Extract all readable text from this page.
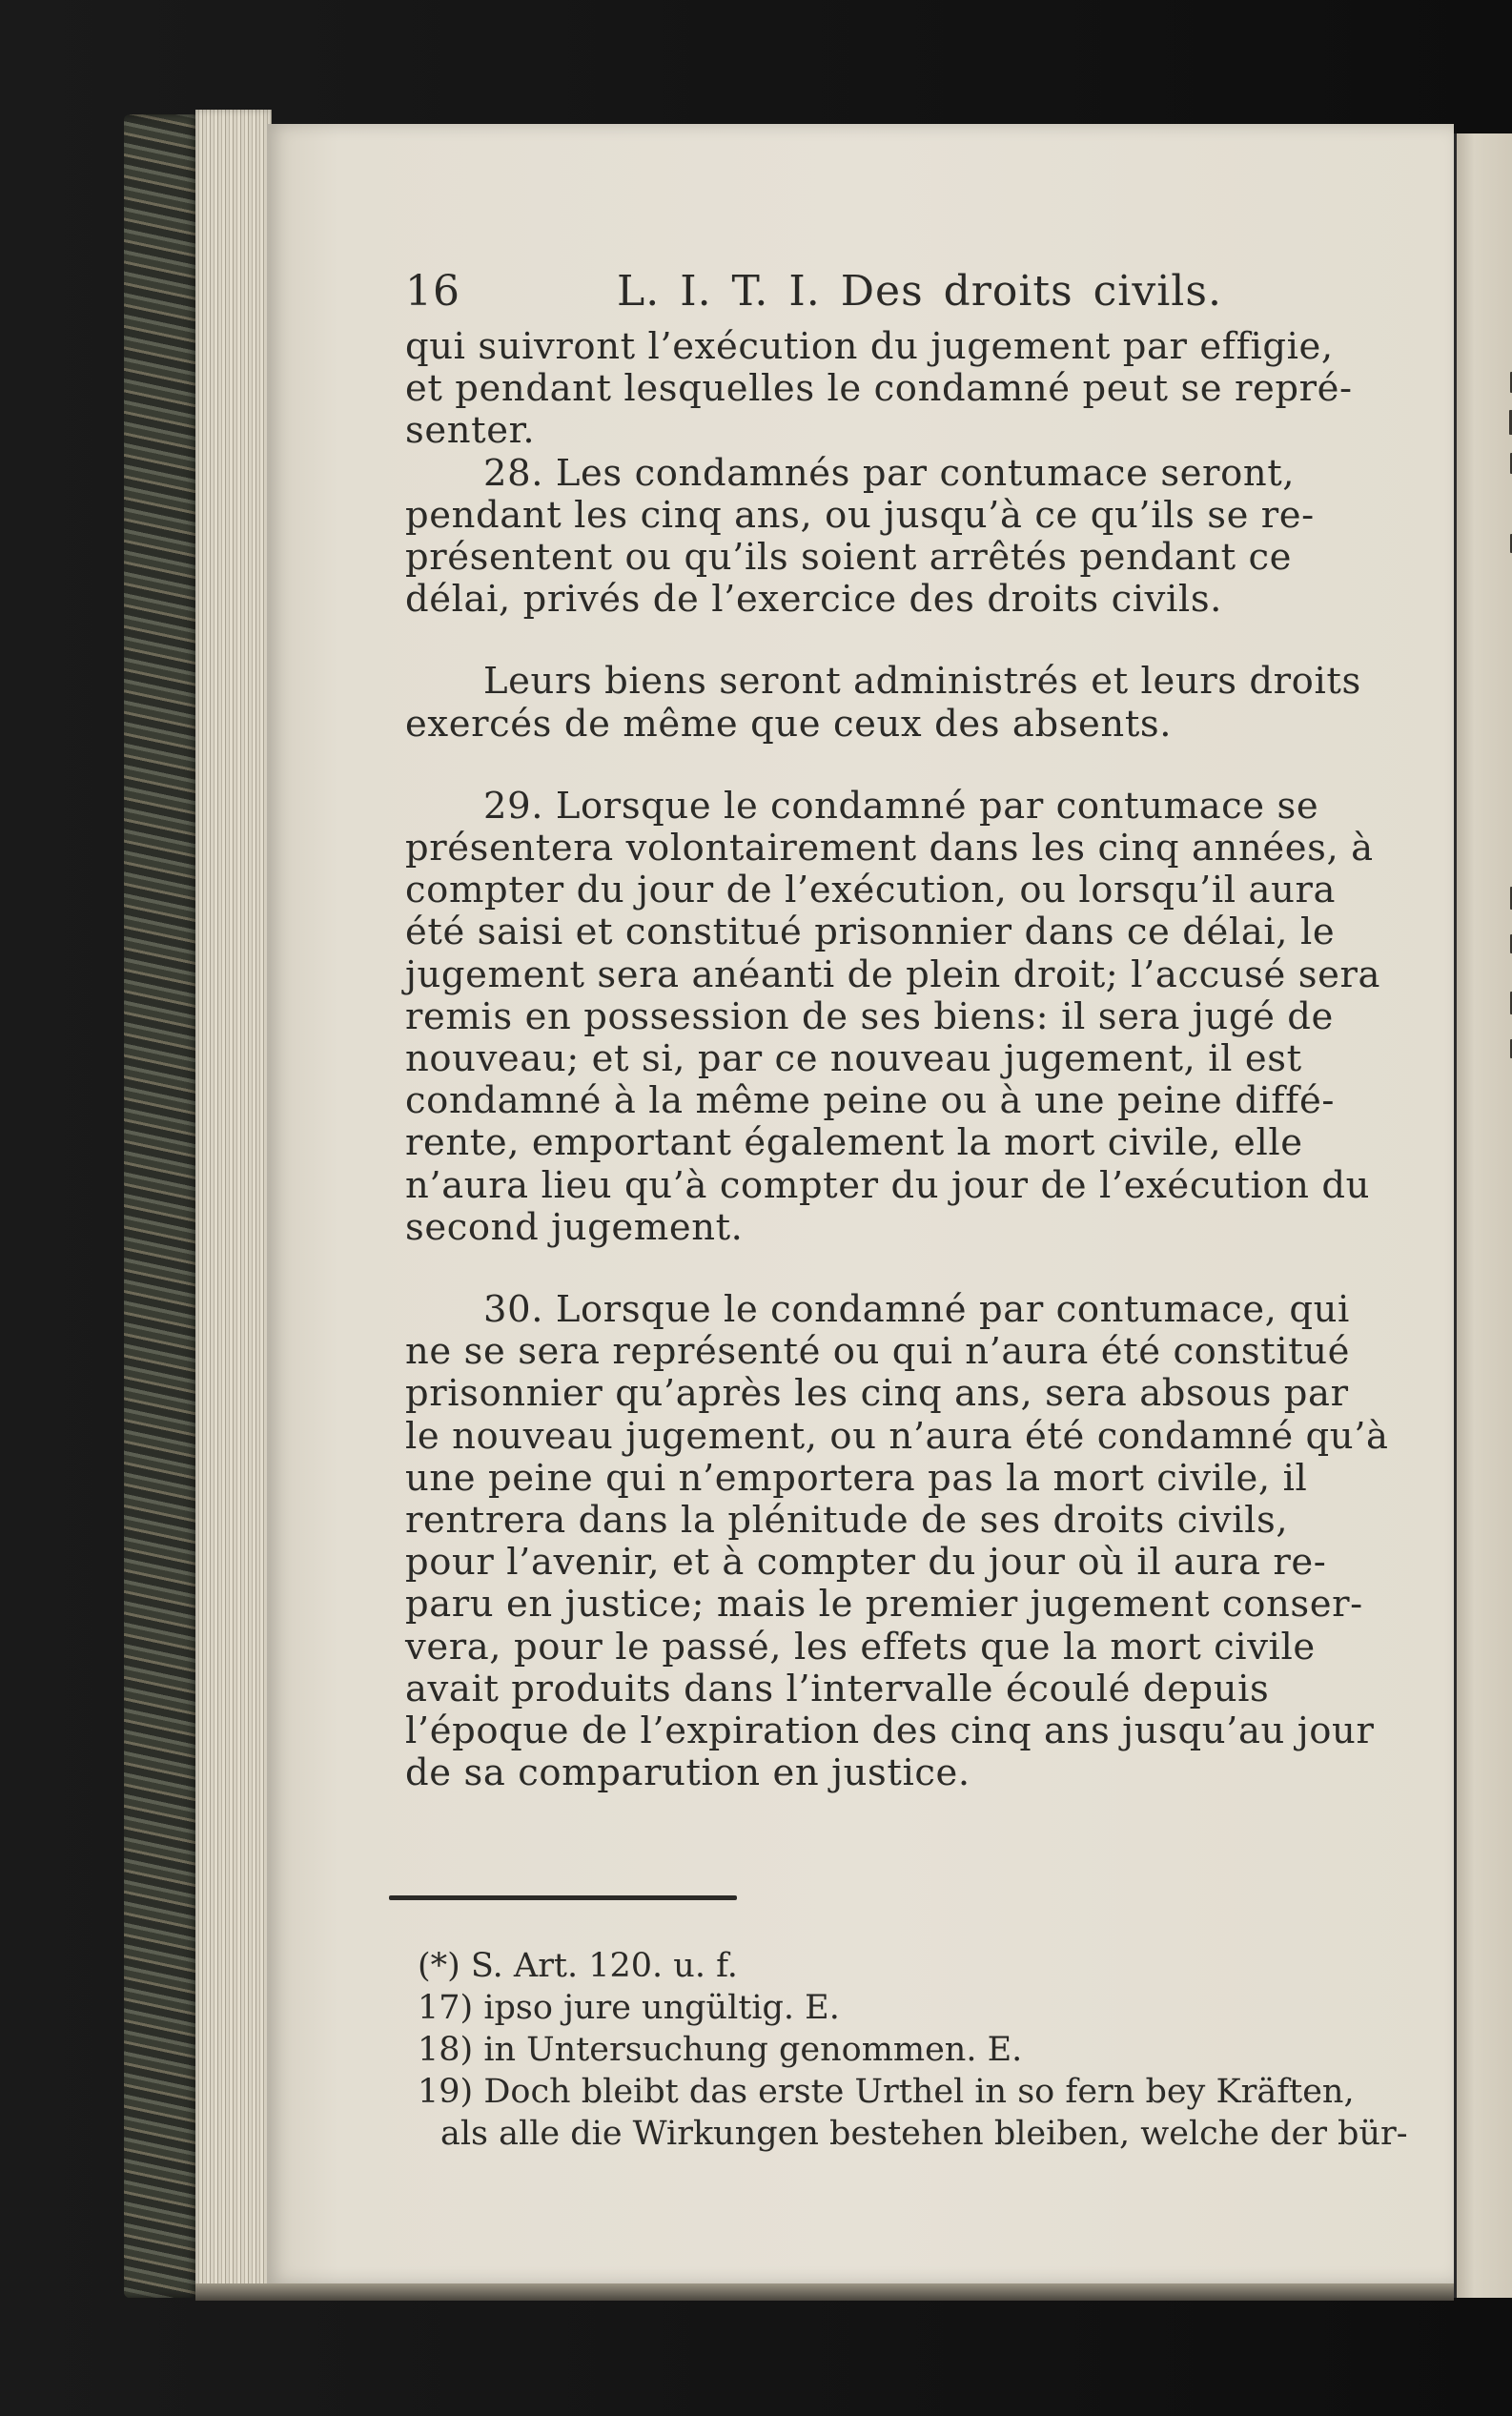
16	L. I. T. I. Des droits civils.

qui suivront l’exécution du jugement par effigie,
et pendant lesquelles le condamné peut se repré-
senter.

28. Les condamnés par contumace seront,
pendant les cinq ans, ou jusqu’à ce qu’ils se re-
présentent ou qu’ils soient arrêtés pendant ce
délai, privés de l’exercice des droits civils.

Leurs biens seront administrés et leurs droits
exercés de même que ceux des absents.

29. Lorsque le condamné par contumace se
présentera volontairement dans les cinq années, à
compter du jour de l’exécution, ou lorsqu’il aura
été saisi et constitué prisonnier dans ce délai, le
jugement sera anéanti de plein droit; l’accusé sera
remis en possession de ses biens: il sera jugé de
nouveau; et si, par ce nouveau jugement, il est
condamné à la même peine ou à une peine diffé-
rente, emportant également la mort civile, elle
n’aura lieu qu’à compter du jour de l’exécution du
second jugement.

30. Lorsque le condamné par contumace, qui
ne se sera représenté ou qui n’aura été constitué
prisonnier qu’après les cinq ans, sera absous par
le nouveau jugement, ou n’aura été condamné qu’à
une peine qui n’emportera pas la mort civile, il
rentrera dans la plénitude de ses droits civils,
pour l’avenir, et à compter du jour où il aura re-
paru en justice; mais le premier jugement conser-
vera, pour le passé, les effets que la mort civile
avait produits dans l’intervalle écoulé depuis
l’époque de l’expiration des cinq ans jusqu’au jour
de sa comparution en justice.

(*) S. Art. 120. u. f.
17) ipso jure ungültig. E.
18) in Untersuchung genommen. E.
19) Doch bleibt das erste Urthel in so fern bey Kräften,
als alle die Wirkungen bestehen bleiben, welche der bür-
